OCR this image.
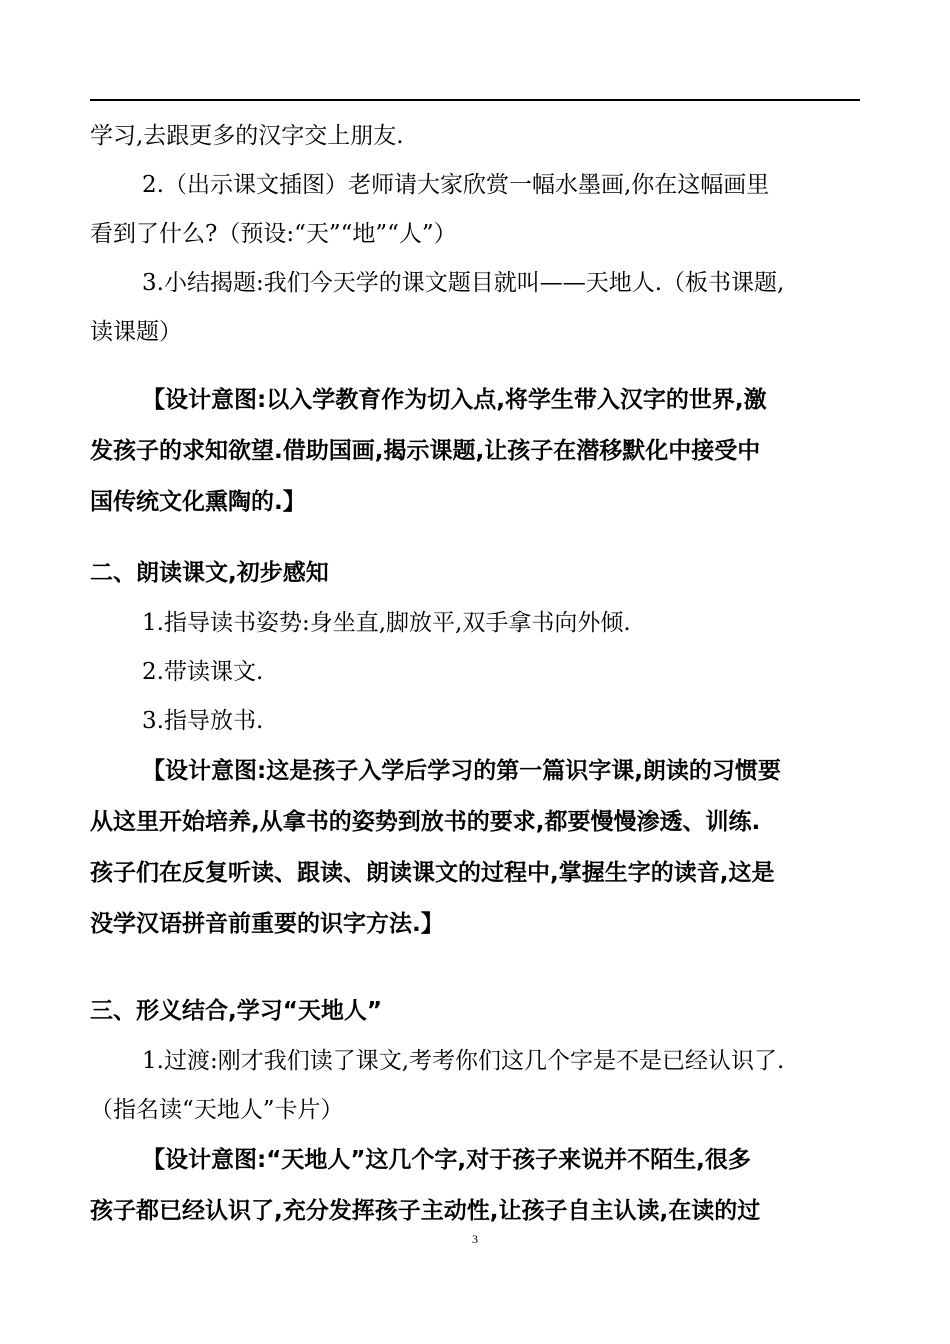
学习,去跟更多的汉字交上朋友.
2.（出示课文插图）老师请大家欣赏一幅水墨画,你在这幅画里
看到了什么?（预设:“天”“地”“人”）
3.小结揭题:我们今天学的课文题目就叫——天地人.（板书课题,
读课题）
【设计意图:以入学教育作为切入点,将学生带入汉字的世界,激
发孩子的求知欲望.借助国画,揭示课题,让孩子在潜移默化中接受中
国传统文化熏陶的.】
二、朗读课文,初步感知
1.指导读书姿势:身坐直,脚放平,双手拿书向外倾.
2.带读课文.
3.指导放书.
【设计意图:这是孩子入学后学习的第一篇识字课,朗读的习惯要
从这里开始培养,从拿书的姿势到放书的要求,都要慢慢渗透、训练.
孩子们在反复听读、跟读、朗读课文的过程中,掌握生字的读音,这是
没学汉语拼音前重要的识字方法.】
三、形义结合,学习“天地人”
1.过渡:刚才我们读了课文,考考你们这几个字是不是已经认识了.
（指名读“天地人”卡片）
【设计意图:“天地人”这几个字,对于孩子来说并不陌生,很多
孩子都已经认识了,充分发挥孩子主动性,让孩子自主认读,在读的过
3
